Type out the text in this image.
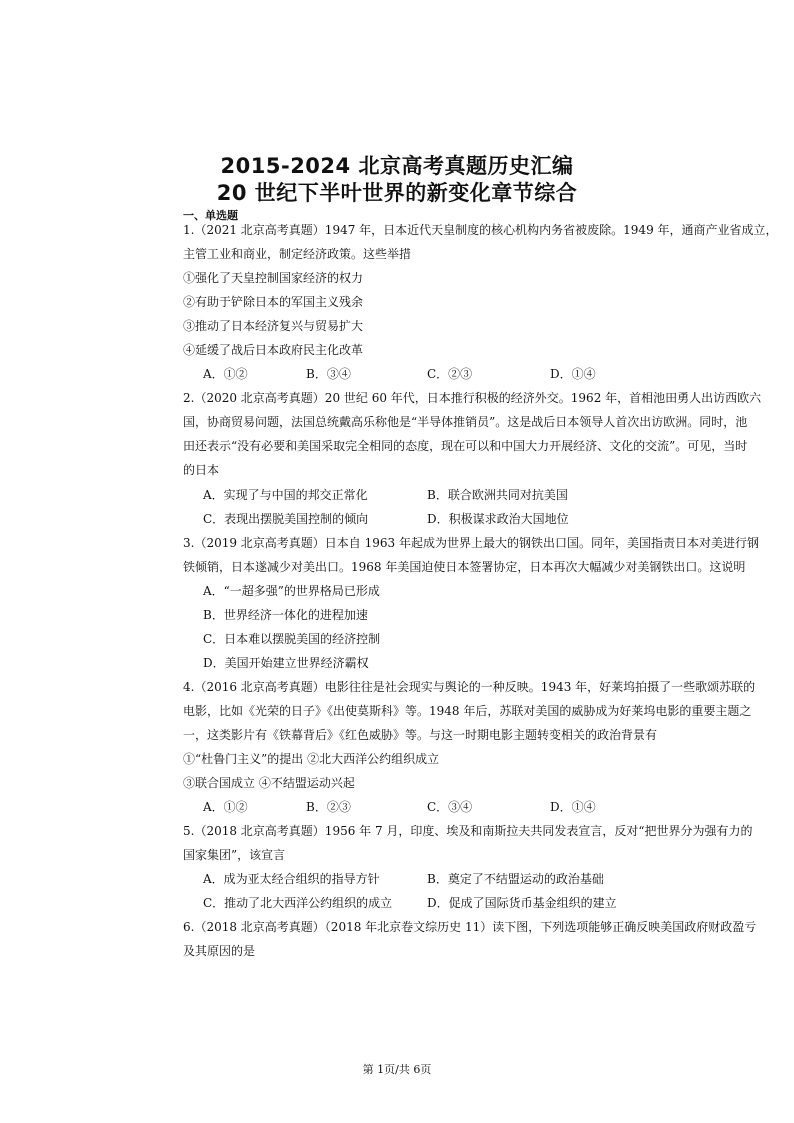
2015-2024 北京高考真题历史汇编
20 世纪下半叶世界的新变化章节综合
一、单选题
1.（2021 北京高考真题）1947 年，日本近代天皇制度的核心机构内务省被废除。1949 年，通商产业省成立，
主管工业和商业，制定经济政策。这些举措
①强化了天皇控制国家经济的权力
②有助于铲除日本的军国主义残余
③推动了日本经济复兴与贸易扩大
④延缓了战后日本政府民主化改革
A．①②	B．③④	C．②③	D．①④
2.（2020 北京高考真题）20 世纪 60 年代，日本推行积极的经济外交。1962 年，首相池田勇人出访西欧六
国，协商贸易问题，法国总统戴高乐称他是“半导体推销员”。这是战后日本领导人首次出访欧洲。同时，池
田还表示“没有必要和美国采取完全相同的态度，现在可以和中国大力开展经济、文化的交流”。可见，当时
的日本
A．实现了与中国的邦交正常化	B．联合欧洲共同对抗美国
C．表现出摆脱美国控制的倾向	D．积极谋求政治大国地位
3.（2019 北京高考真题）日本自 1963 年起成为世界上最大的钢铁出口国。同年，美国指责日本对美进行钢
铁倾销，日本遂减少对美出口。1968 年美国迫使日本签署协定，日本再次大幅减少对美钢铁出口。这说明
A．“一超多强”的世界格局已形成
B．世界经济一体化的进程加速
C．日本难以摆脱美国的经济控制
D．美国开始建立世界经济霸权
4.（2016 北京高考真题）电影往往是社会现实与舆论的一种反映。1943 年，好莱坞拍摄了一些歌颂苏联的
电影，比如《光荣的日子》《出使莫斯科》等。1948 年后，苏联对美国的威胁成为好莱坞电影的重要主题之
一，这类影片有《铁幕背后》《红色威胁》等。与这一时期电影主题转变相关的政治背景有
①“杜鲁门主义”的提出 ②北大西洋公约组织成立
③联合国成立 ④不结盟运动兴起
A．①②	B．②③	C．③④	D．①④
5.（2018 北京高考真题）1956 年 7 月，印度、埃及和南斯拉夫共同发表宣言，反对“把世界分为强有力的
国家集团”，该宣言
A．成为亚太经合组织的指导方针	B．奠定了不结盟运动的政治基础
C．推动了北大西洋公约组织的成立	D．促成了国际货币基金组织的建立
6.（2018 北京高考真题）（2018 年北京卷文综历史 11）读下图，下列选项能够正确反映美国政府财政盈亏
及其原因的是
第 1页/共 6页
